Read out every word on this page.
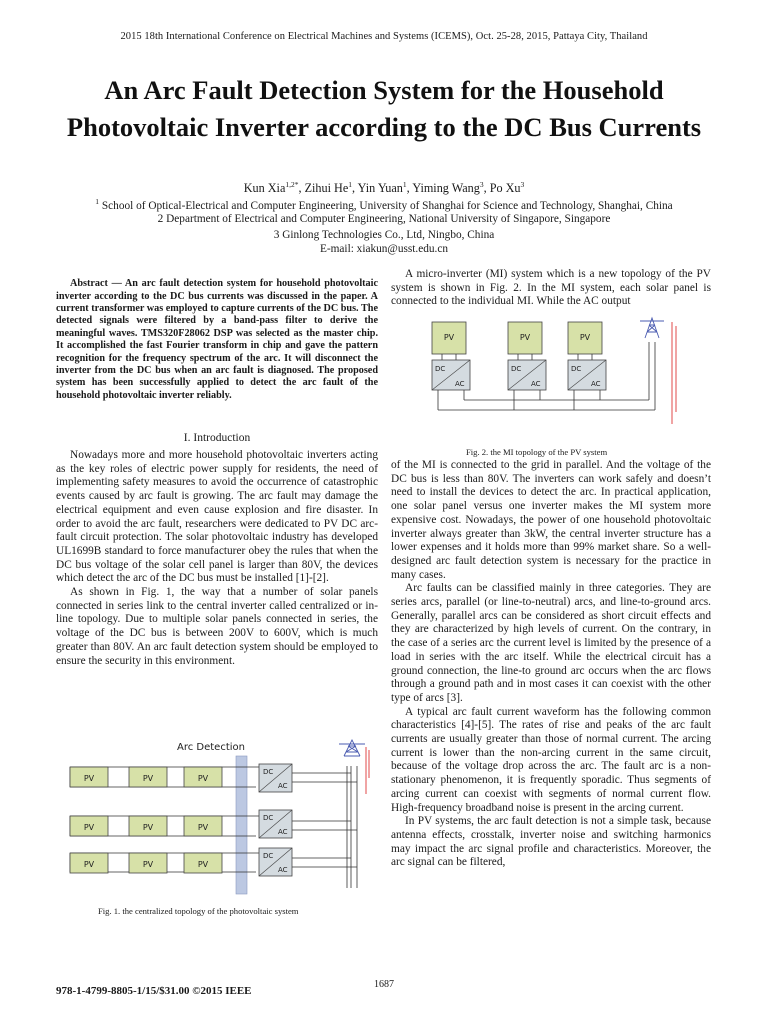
2015 18th International Conference on Electrical Machines and Systems (ICEMS), Oct. 25-28, 2015, Pattaya City, Thailand
An Arc Fault Detection System for the Household Photovoltaic Inverter according to the DC Bus Currents
Kun Xia$^{1,2*}$, Zihui He$^1$, Yin Yuan$^1$, Yiming Wang$^3$, Po Xu$^3$
$^1$ School of Optical-Electrical and Computer Engineering, University of Shanghai for Science and Technology, Shanghai, China
2 Department of Electrical and Computer Engineering, National University of Singapore, Singapore
3 Ginlong Technologies Co., Ltd, Ningbo, China
E-mail: xiakun@usst.edu.cn

Abstract — An arc fault detection system for household photovoltaic inverter according to the DC bus currents was discussed in the paper. A current transformer was employed to capture currents of the DC bus. The detected signals were filtered by a band-pass filter to derive the meaningful waves. TMS320F28062 DSP was selected as the master chip. It accomplished the fast Fourier transform in chip and gave the pattern recognition for the frequency spectrum of the arc. It will disconnect the inverter from the DC bus when an arc fault is diagnosed. The proposed system has been successfully applied to detect the arc fault of the household photovoltaic inverter reliably.

I. Introduction

Nowadays more and more household photovoltaic inverters acting as the key roles of electric power supply for residents, the need of implementing safety measures to avoid the occurrence of catastrophic events caused by arc fault is growing. The arc fault may damage the electrical equipment and even cause explosion and fire disaster. In order to avoid the arc fault, researchers were dedicated to PV DC arc-fault circuit protection. The solar photovoltaic industry has developed UL1699B standard to force manufacturer obey the rules that when the DC bus voltage of the solar cell panel is larger than 80V, the devices which detect the arc of the DC bus must be installed [1]-[2].

As shown in Fig. 1, the way that a number of solar panels connected in series link to the central inverter called centralized or in-line topology. Due to multiple solar panels connected in series, the voltage of the DC bus is between 200V to 600V, which is much greater than 80V. An arc fault detection system should be employed to ensure the security in this environment.

Arc Detection
PV	PV	PV
PV	PV	PV
PV	PV	PV
DC
AC
DC
AC
DC
AC
Fig. 1. the centralized topology of the photovoltaic system

A micro-inverter (MI) system which is a new topology of the PV system is shown in Fig. 2. In the MI system, each solar panel is connected to the individual MI. While the AC output

PV	PV	PV
DC
AC
DC
AC
DC
AC
Fig. 2. the MI topology of the PV system

of the MI is connected to the grid in parallel. And the voltage of the DC bus is less than 80V. The inverters can work safely and doesn’t need to install the devices to detect the arc. In practical application, one solar panel versus one inverter makes the MI system more expensive cost. Nowadays, the power of one household photovoltaic inverter always greater than 3kW, the central inverter structure has a lower expenses and it holds more than 99% market share. So a well-designed arc fault detection system is necessary for the practice in many cases.

Arc faults can be classified mainly in three categories. They are series arcs, parallel (or line-to-neutral) arcs, and line-to-ground arcs. Generally, parallel arcs can be considered as short circuit effects and they are characterized by high levels of current. On the contrary, in the case of a series arc the current level is limited by the presence of a load in series with the arc itself. While the electrical circuit has a ground connection, the line-to ground arc occurs when the arc flows through a ground path and in most cases it can coexist with the other type of arcs [3].

A typical arc fault current waveform has the following common characteristics [4]-[5]. The rates of rise and peaks of the arc fault currents are usually greater than those of normal current. The arcing current is lower than the non-arcing current in the same circuit, because of the voltage drop across the arc. The fault arc is a non-stationary phenomenon, it is frequently sporadic. Thus segments of arcing current can coexist with segments of normal current flow. High-frequency broadband noise is present in the arcing current.

In PV systems, the arc fault detection is not a simple task, because antenna effects, crosstalk, inverter noise and switching harmonics may impact the arc signal profile and characteristics. Moreover, the arc signal can be filtered,

978-1-4799-8805-1/15/$31.00 ©2015 IEEE
1687
